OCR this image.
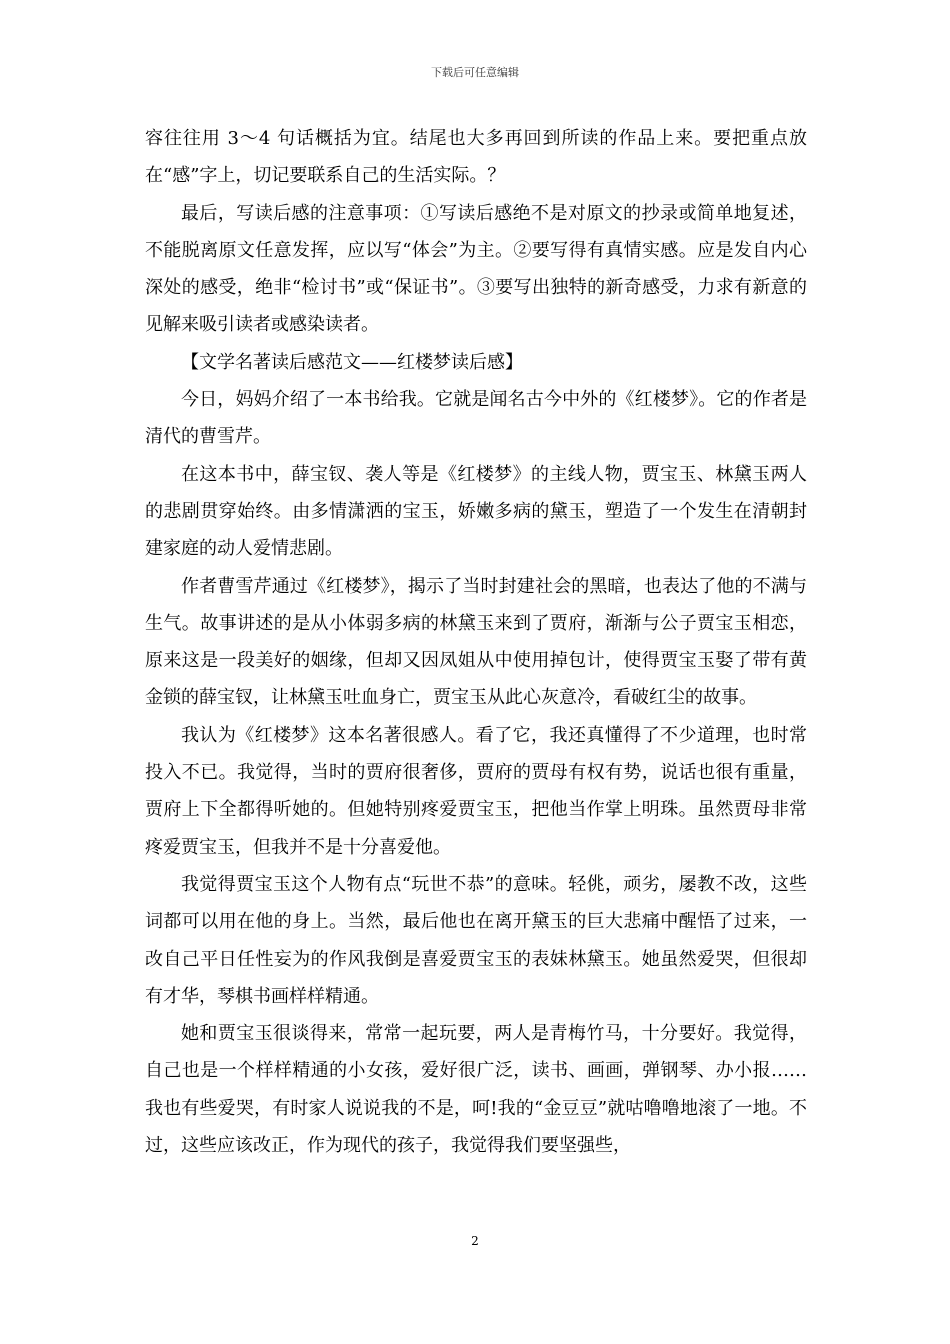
下载后可任意编辑

容往往用 3～4 句话概括为宜。结尾也大多再回到所读的作品上来。要把重点放在“感”字上，切记要联系自己的生活实际。？

最后，写读后感的注意事项：①写读后感绝不是对原文的抄录或简单地复述，不能脱离原文任意发挥，应以写“体会”为主。②要写得有真情实感。应是发自内心深处的感受，绝非“检讨书”或“保证书”。③要写出独特的新奇感受，力求有新意的见解来吸引读者或感染读者。

【文学名著读后感范文——红楼梦读后感】

今日，妈妈介绍了一本书给我。它就是闻名古今中外的《红楼梦》。它的作者是清代的曹雪芹。

在这本书中，薛宝钗、袭人等是《红楼梦》的主线人物，贾宝玉、林黛玉两人的悲剧贯穿始终。由多情潇洒的宝玉，娇嫩多病的黛玉，塑造了一个发生在清朝封建家庭的动人爱情悲剧。

作者曹雪芹通过《红楼梦》，揭示了当时封建社会的黑暗，也表达了他的不满与生气。故事讲述的是从小体弱多病的林黛玉来到了贾府，渐渐与公子贾宝玉相恋，原来这是一段美好的姻缘，但却又因凤姐从中使用掉包计，使得贾宝玉娶了带有黄金锁的薛宝钗，让林黛玉吐血身亡，贾宝玉从此心灰意冷，看破红尘的故事。

我认为《红楼梦》这本名著很感人。看了它，我还真懂得了不少道理，也时常投入不已。我觉得，当时的贾府很奢侈，贾府的贾母有权有势，说话也很有重量，贾府上下全都得听她的。但她特别疼爱贾宝玉，把他当作掌上明珠。虽然贾母非常疼爱贾宝玉，但我并不是十分喜爱他。

我觉得贾宝玉这个人物有点“玩世不恭”的意味。轻佻，顽劣，屡教不改，这些词都可以用在他的身上。当然，最后他也在离开黛玉的巨大悲痛中醒悟了过来，一改自己平日任性妄为的作风我倒是喜爱贾宝玉的表妹林黛玉。她虽然爱哭，但很却有才华，琴棋书画样样精通。

她和贾宝玉很谈得来，常常一起玩要，两人是青梅竹马，十分要好。我觉得，自己也是一个样样精通的小女孩，爱好很广泛，读书、画画，弹钢琴、办小报……我也有些爱哭，有时家人说说我的不是，呵!我的“金豆豆”就咕噜噜地滚了一地。不过，这些应该改正，作为现代的孩子，我觉得我们要坚强些，

2
